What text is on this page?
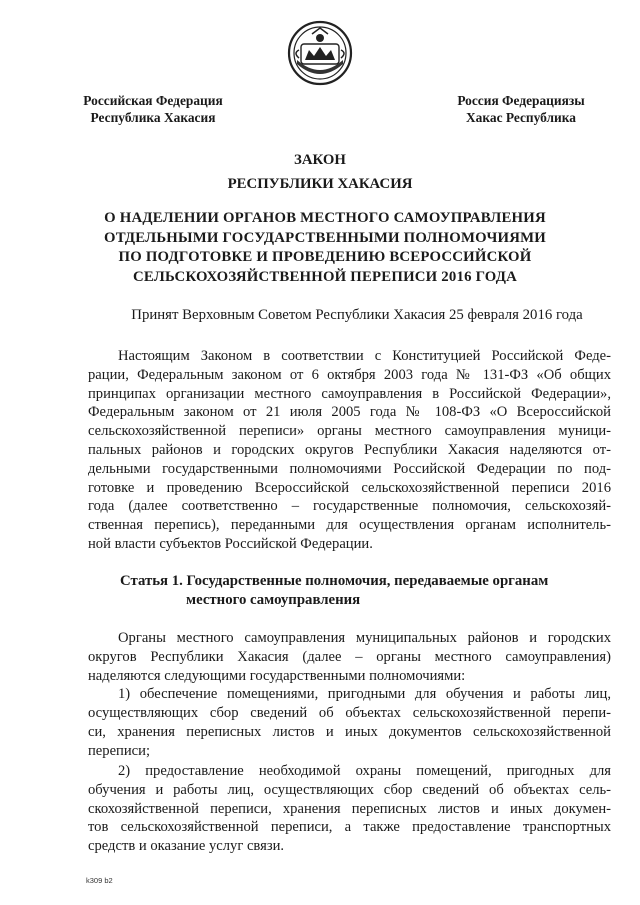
Российская Федерация
Республика Хакасия
Россия Федерациязы
Хакас Республика
ЗАКОН
РЕСПУБЛИКИ ХАКАСИЯ
О НАДЕЛЕНИИ ОРГАНОВ МЕСТНОГО САМОУПРАВЛЕНИЯ
ОТДЕЛЬНЫМИ ГОСУДАРСТВЕННЫМИ ПОЛНОМОЧИЯМИ
ПО ПОДГОТОВКЕ И ПРОВЕДЕНИЮ ВСЕРОССИЙСКОЙ
СЕЛЬСКОХОЗЯЙСТВЕННОЙ ПЕРЕПИСИ 2016 ГОДА
Принят Верховным Советом Республики Хакасия 25 февраля 2016 года
Настоящим Законом в соответствии с Конституцией Российской Феде-
рации, Федеральным законом от 6 октября 2003 года № 131-ФЗ «Об общих
принципах организации местного самоуправления в Российской Федерации»,
Федеральным законом от 21 июля 2005 года № 108-ФЗ «О Всероссийской
сельскохозяйственной переписи» органы местного самоуправления муници-
пальных районов и городских округов Республики Хакасия наделяются от-
дельными государственными полномочиями Российской Федерации по под-
готовке и проведению Всероссийской сельскохозяйственной переписи 2016
года (далее соответственно – государственные полномочия, сельскохозяй-
ственная перепись), переданными для осуществления органам исполнитель-
ной власти субъектов Российской Федерации.
Статья 1. Государственные полномочия, передаваемые органам
местного самоуправления
Органы местного самоуправления муниципальных районов и городских
округов Республики Хакасия (далее – органы местного самоуправления)
наделяются следующими государственными полномочиями:
1) обеспечение помещениями, пригодными для обучения и работы лиц,
осуществляющих сбор сведений об объектах сельскохозяйственной перепи-
си, хранения переписных листов и иных документов сельскохозяйственной
переписи;
2) предоставление необходимой охраны помещений, пригодных для
обучения и работы лиц, осуществляющих сбор сведений об объектах сель-
скохозяйственной переписи, хранения переписных листов и иных докумен-
тов сельскохозяйственной переписи, а также предоставление транспортных
средств и оказание услуг связи.
k309 b2
